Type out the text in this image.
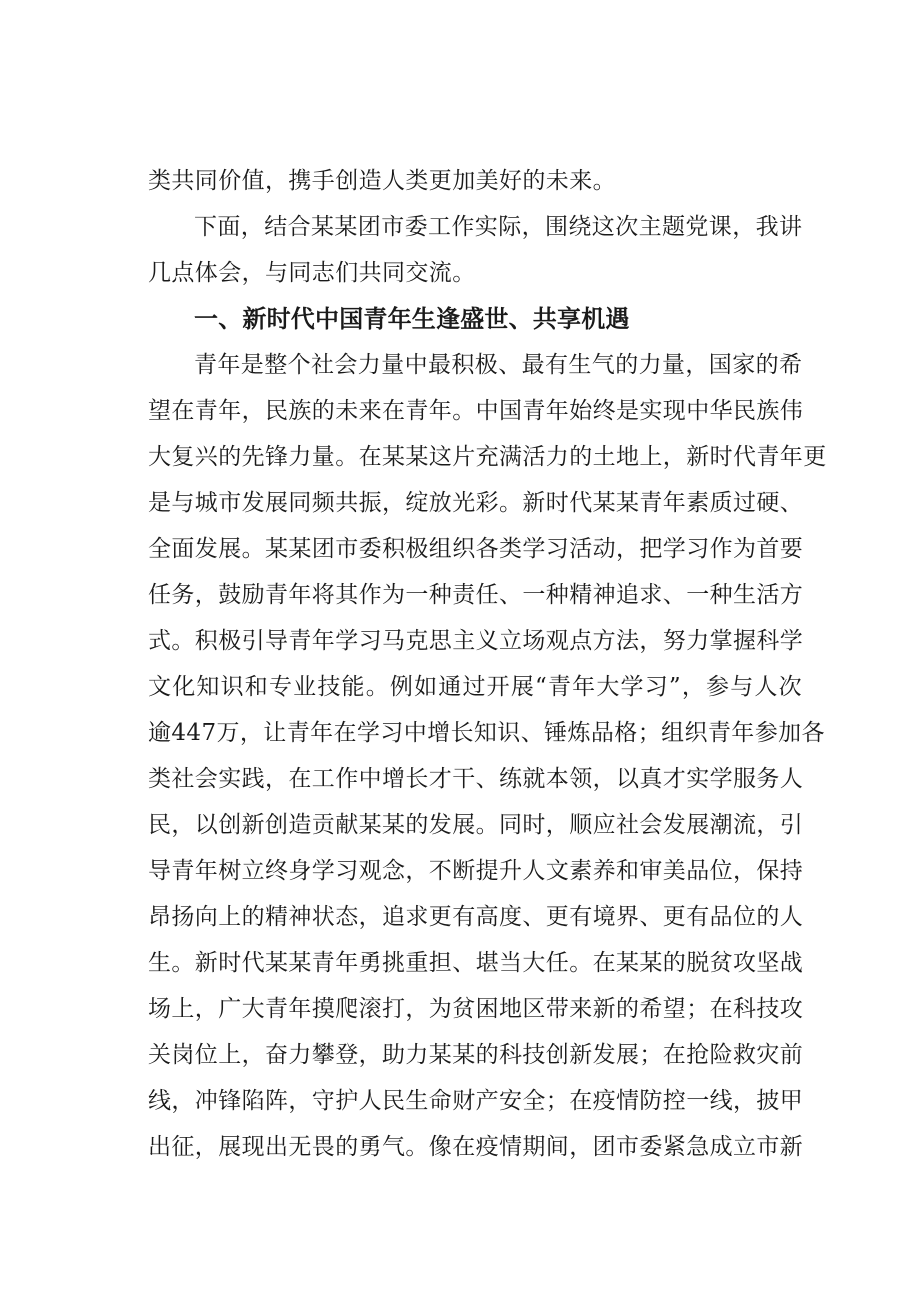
类共同价值，携手创造人类更加美好的未来。
下面，结合某某团市委工作实际，围绕这次主题党课，我讲
几点体会，与同志们共同交流。
一、新时代中国青年生逢盛世、共享机遇
青年是整个社会力量中最积极、最有生气的力量，国家的希
望在青年，民族的未来在青年。中国青年始终是实现中华民族伟
大复兴的先锋力量。在某某这片充满活力的土地上，新时代青年更
是与城市发展同频共振，绽放光彩。新时代某某青年素质过硬、
全面发展。某某团市委积极组织各类学习活动，把学习作为首要
任务，鼓励青年将其作为一种责任、一种精神追求、一种生活方
式。积极引导青年学习马克思主义立场观点方法，努力掌握科学
文化知识和专业技能。例如通过开展“青年大学习”，参与人次
逾447万，让青年在学习中增长知识、锤炼品格；组织青年参加各
类社会实践，在工作中增长才干、练就本领，以真才实学服务人
民，以创新创造贡献某某的发展。同时，顺应社会发展潮流，引
导青年树立终身学习观念，不断提升人文素养和审美品位，保持
昂扬向上的精神状态，追求更有高度、更有境界、更有品位的人
生。新时代某某青年勇挑重担、堪当大任。在某某的脱贫攻坚战
场上，广大青年摸爬滚打，为贫困地区带来新的希望；在科技攻
关岗位上，奋力攀登，助力某某的科技创新发展；在抢险救灾前
线，冲锋陷阵，守护人民生命财产安全；在疫情防控一线，披甲
出征，展现出无畏的勇气。像在疫情期间，团市委紧急成立市新
